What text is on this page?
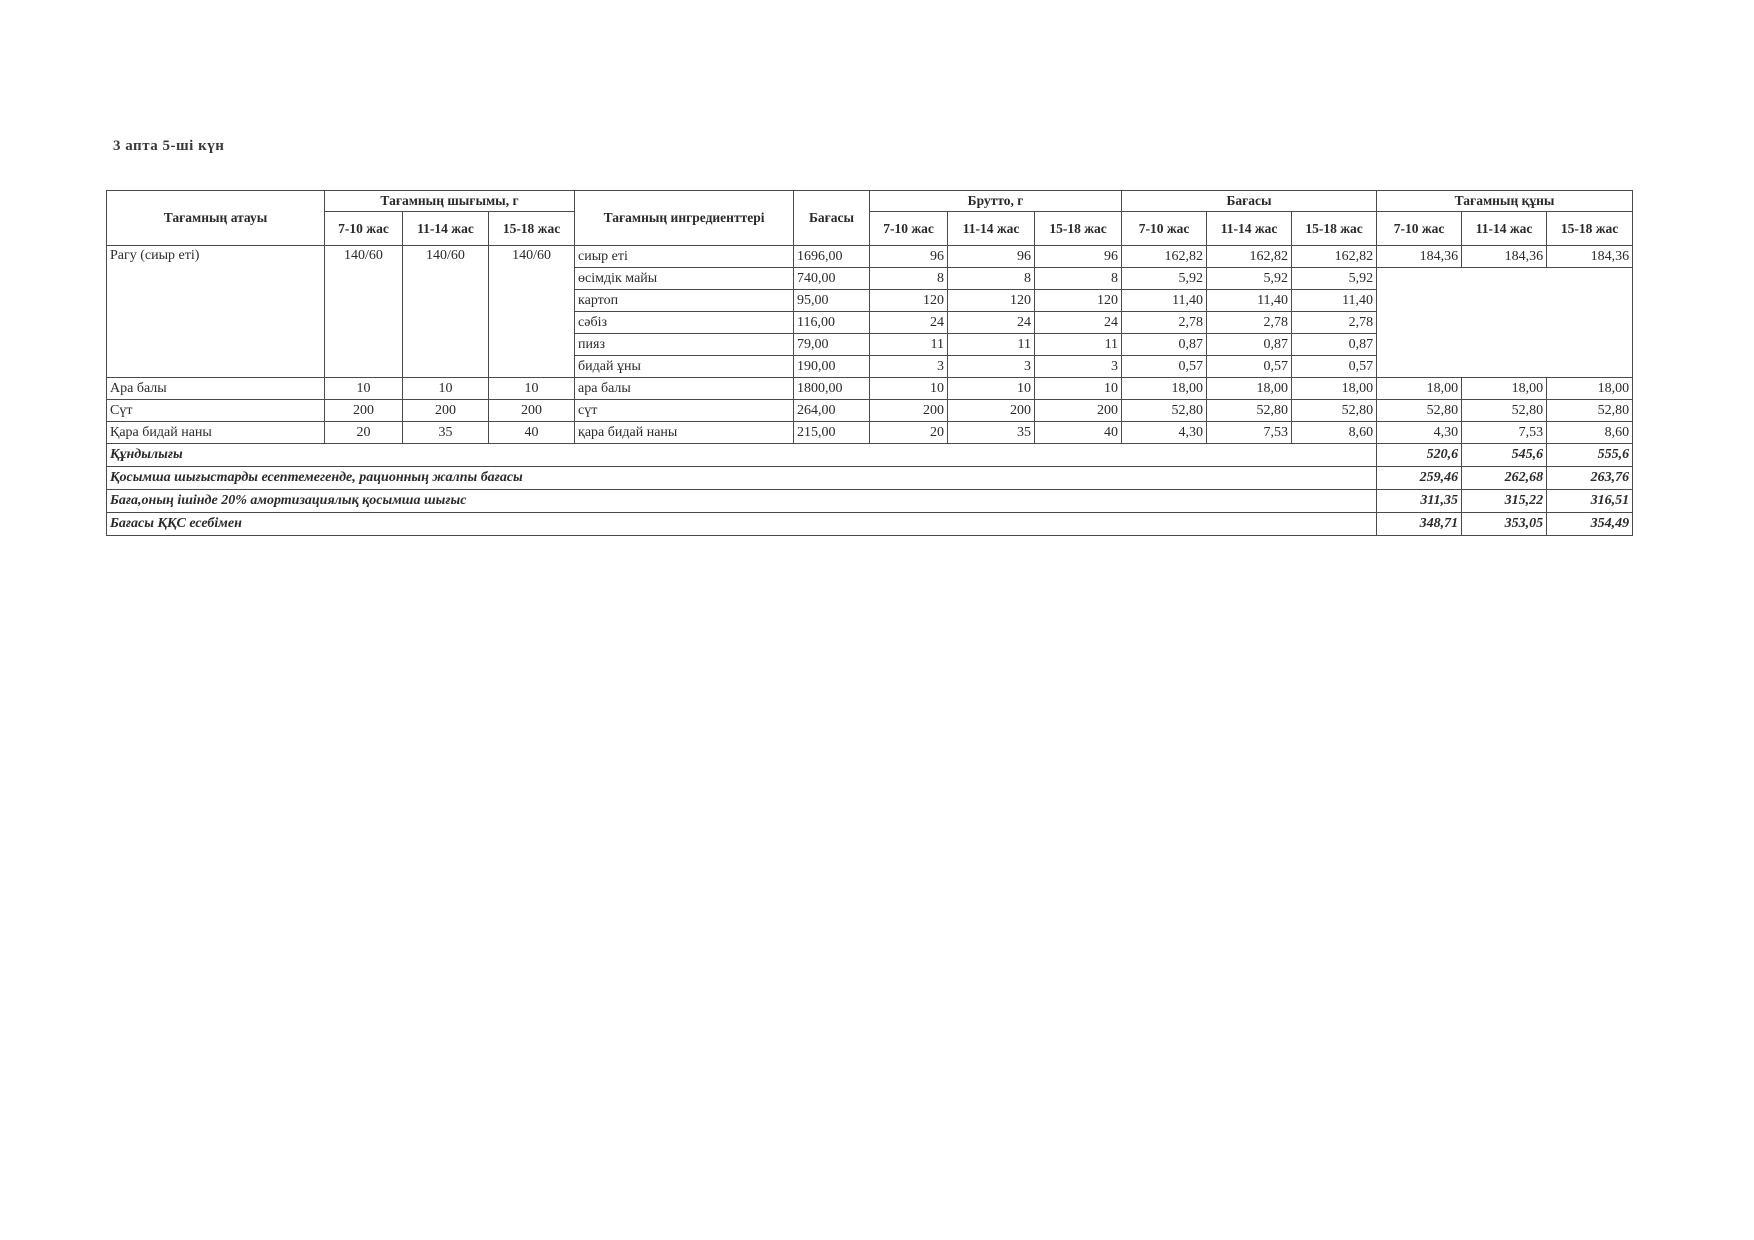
3 апта 5-ші күн
Тағамның атауы	Тағамның шығымы, г			Тағамның ингредиенттері	Бағасы	Брутто, г			Бағасы			Тағамның құны		
	7-10 жас	11-14 жас	15-18 жас			7-10 жас	11-14 жас	15-18 жас	7-10 жас	11-14 жас	15-18 жас	7-10 жас	11-14 жас	15-18 жас
Рагу (сиыр еті)	140/60	140/60	140/60	сиыр еті	1696,00	96	96	96	162,82	162,82	162,82	184,36	184,36	184,36
				өсімдік майы	740,00	8	8	8	5,92	5,92	5,92			
				картоп	95,00	120	120	120	11,40	11,40	11,40			
				сәбіз	116,00	24	24	24	2,78	2,78	2,78			
				пияз	79,00	11	11	11	0,87	0,87	0,87			
				бидай ұны	190,00	3	3	3	0,57	0,57	0,57			
Ара балы	10	10	10	ара балы	1800,00	10	10	10	18,00	18,00	18,00	18,00	18,00	18,00
Сүт	200	200	200	сүт	264,00	200	200	200	52,80	52,80	52,80	52,80	52,80	52,80
Қара бидай наны	20	35	40	қара бидай наны	215,00	20	35	40	4,30	7,53	8,60	4,30	7,53	8,60
Құндылығы												520,6	545,6	555,6
Қосымша шығыстарды есептемегенде, рационның жалпы бағасы												259,46	262,68	263,76
Баға,оның ішінде 20% амортизациялық қосымша шығыс												311,35	315,22	316,51
Бағасы ҚҚС есебімен												348,71	353,05	354,49
